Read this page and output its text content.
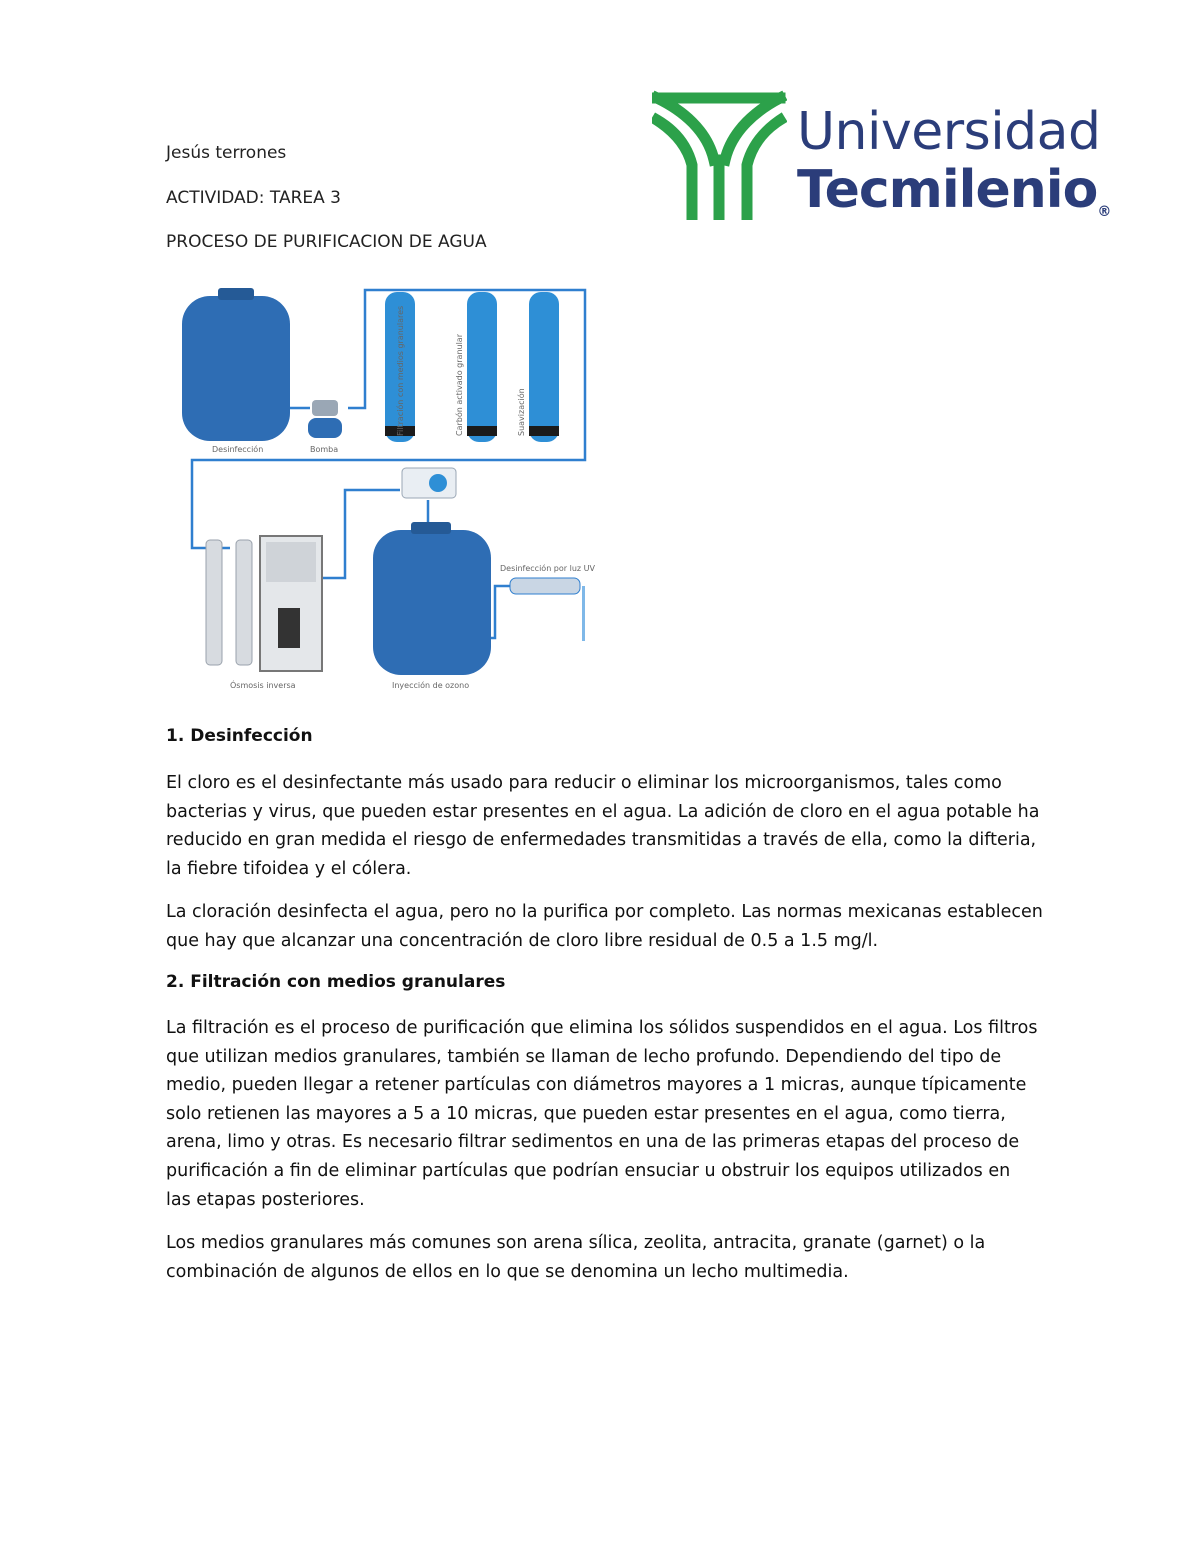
Jesús terrones
ACTIVIDAD: TAREA 3
PROCESO DE PURIFICACION DE AGUA
Universidad
Tecmilenio®
Desinfección	Bomba
Filtración con medios granulares	Carbón activado granular	Suavización
Ósmosis inversa	Inyección de ozono
Desinfección por luz UV
1. Desinfección
El cloro es el desinfectante más usado para reducir o eliminar los microorganismos, tales como
bacterias y virus, que pueden estar presentes en el agua. La adición de cloro en el agua potable ha
reducido en gran medida el riesgo de enfermedades transmitidas a través de ella, como la difteria,
la fiebre tifoidea y el cólera.
La cloración desinfecta el agua, pero no la purifica por completo. Las normas mexicanas establecen
que hay que alcanzar una concentración de cloro libre residual de 0.5 a 1.5 mg/l.
2. Filtración con medios granulares
La filtración es el proceso de purificación que elimina los sólidos suspendidos en el agua. Los filtros
que utilizan medios granulares, también se llaman de lecho profundo. Dependiendo del tipo de
medio, pueden llegar a retener partículas con diámetros mayores a 1 micras, aunque típicamente
solo retienen las mayores a 5 a 10 micras, que pueden estar presentes en el agua, como tierra,
arena, limo y otras. Es necesario filtrar sedimentos en una de las primeras etapas del proceso de
purificación a fin de eliminar partículas que podrían ensuciar u obstruir los equipos utilizados en
las etapas posteriores.
Los medios granulares más comunes son arena sílica, zeolita, antracita, granate (garnet) o la
combinación de algunos de ellos en lo que se denomina un lecho multimedia.
